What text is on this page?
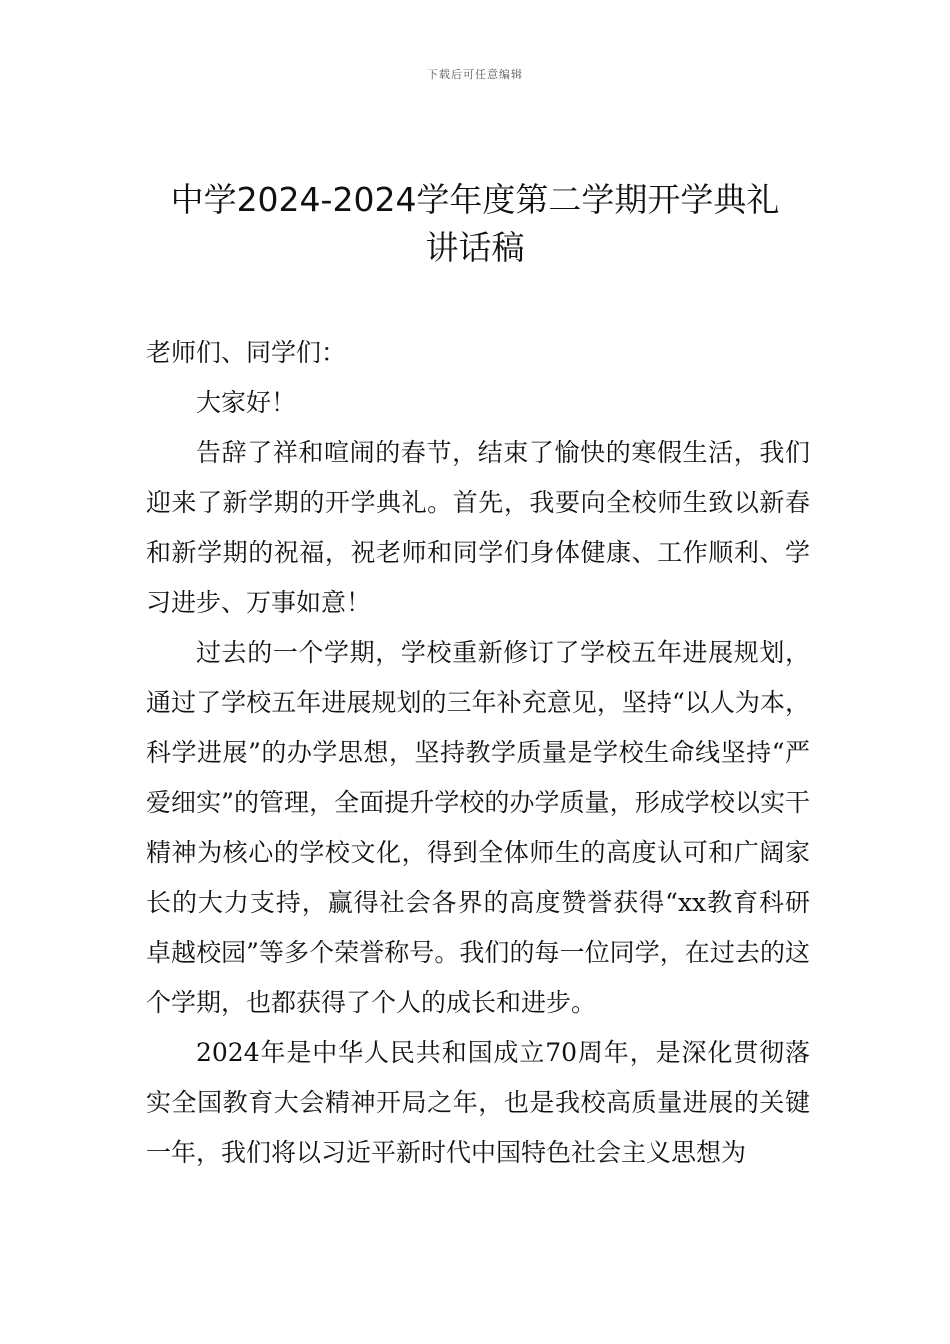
下载后可任意编辑
中学2024-2024学年度第二学期开学典礼
讲话稿

老师们、同学们：

大家好！

告辞了祥和喧闹的春节，结束了愉快的寒假生活，我们迎来了新学期的开学典礼。首先，我要向全校师生致以新春和新学期的祝福，祝老师和同学们身体健康、工作顺利、学习进步、万事如意！

过去的一个学期，学校重新修订了学校五年进展规划，通过了学校五年进展规划的三年补充意见，坚持“以人为本，科学进展”的办学思想，坚持教学质量是学校生命线坚持“严爱细实”的管理，全面提升学校的办学质量，形成学校以实干精神为核心的学校文化，得到全体师生的高度认可和广阔家长的大力支持，赢得社会各界的高度赞誉获得“xx教育科研卓越校园”等多个荣誉称号。我们的每一位同学，在过去的这个学期，也都获得了个人的成长和进步。

2024年是中华人民共和国成立70周年，是深化贯彻落实全国教育大会精神开局之年，也是我校高质量进展的关键一年，我们将以习近平新时代中国特色社会主义思想为
